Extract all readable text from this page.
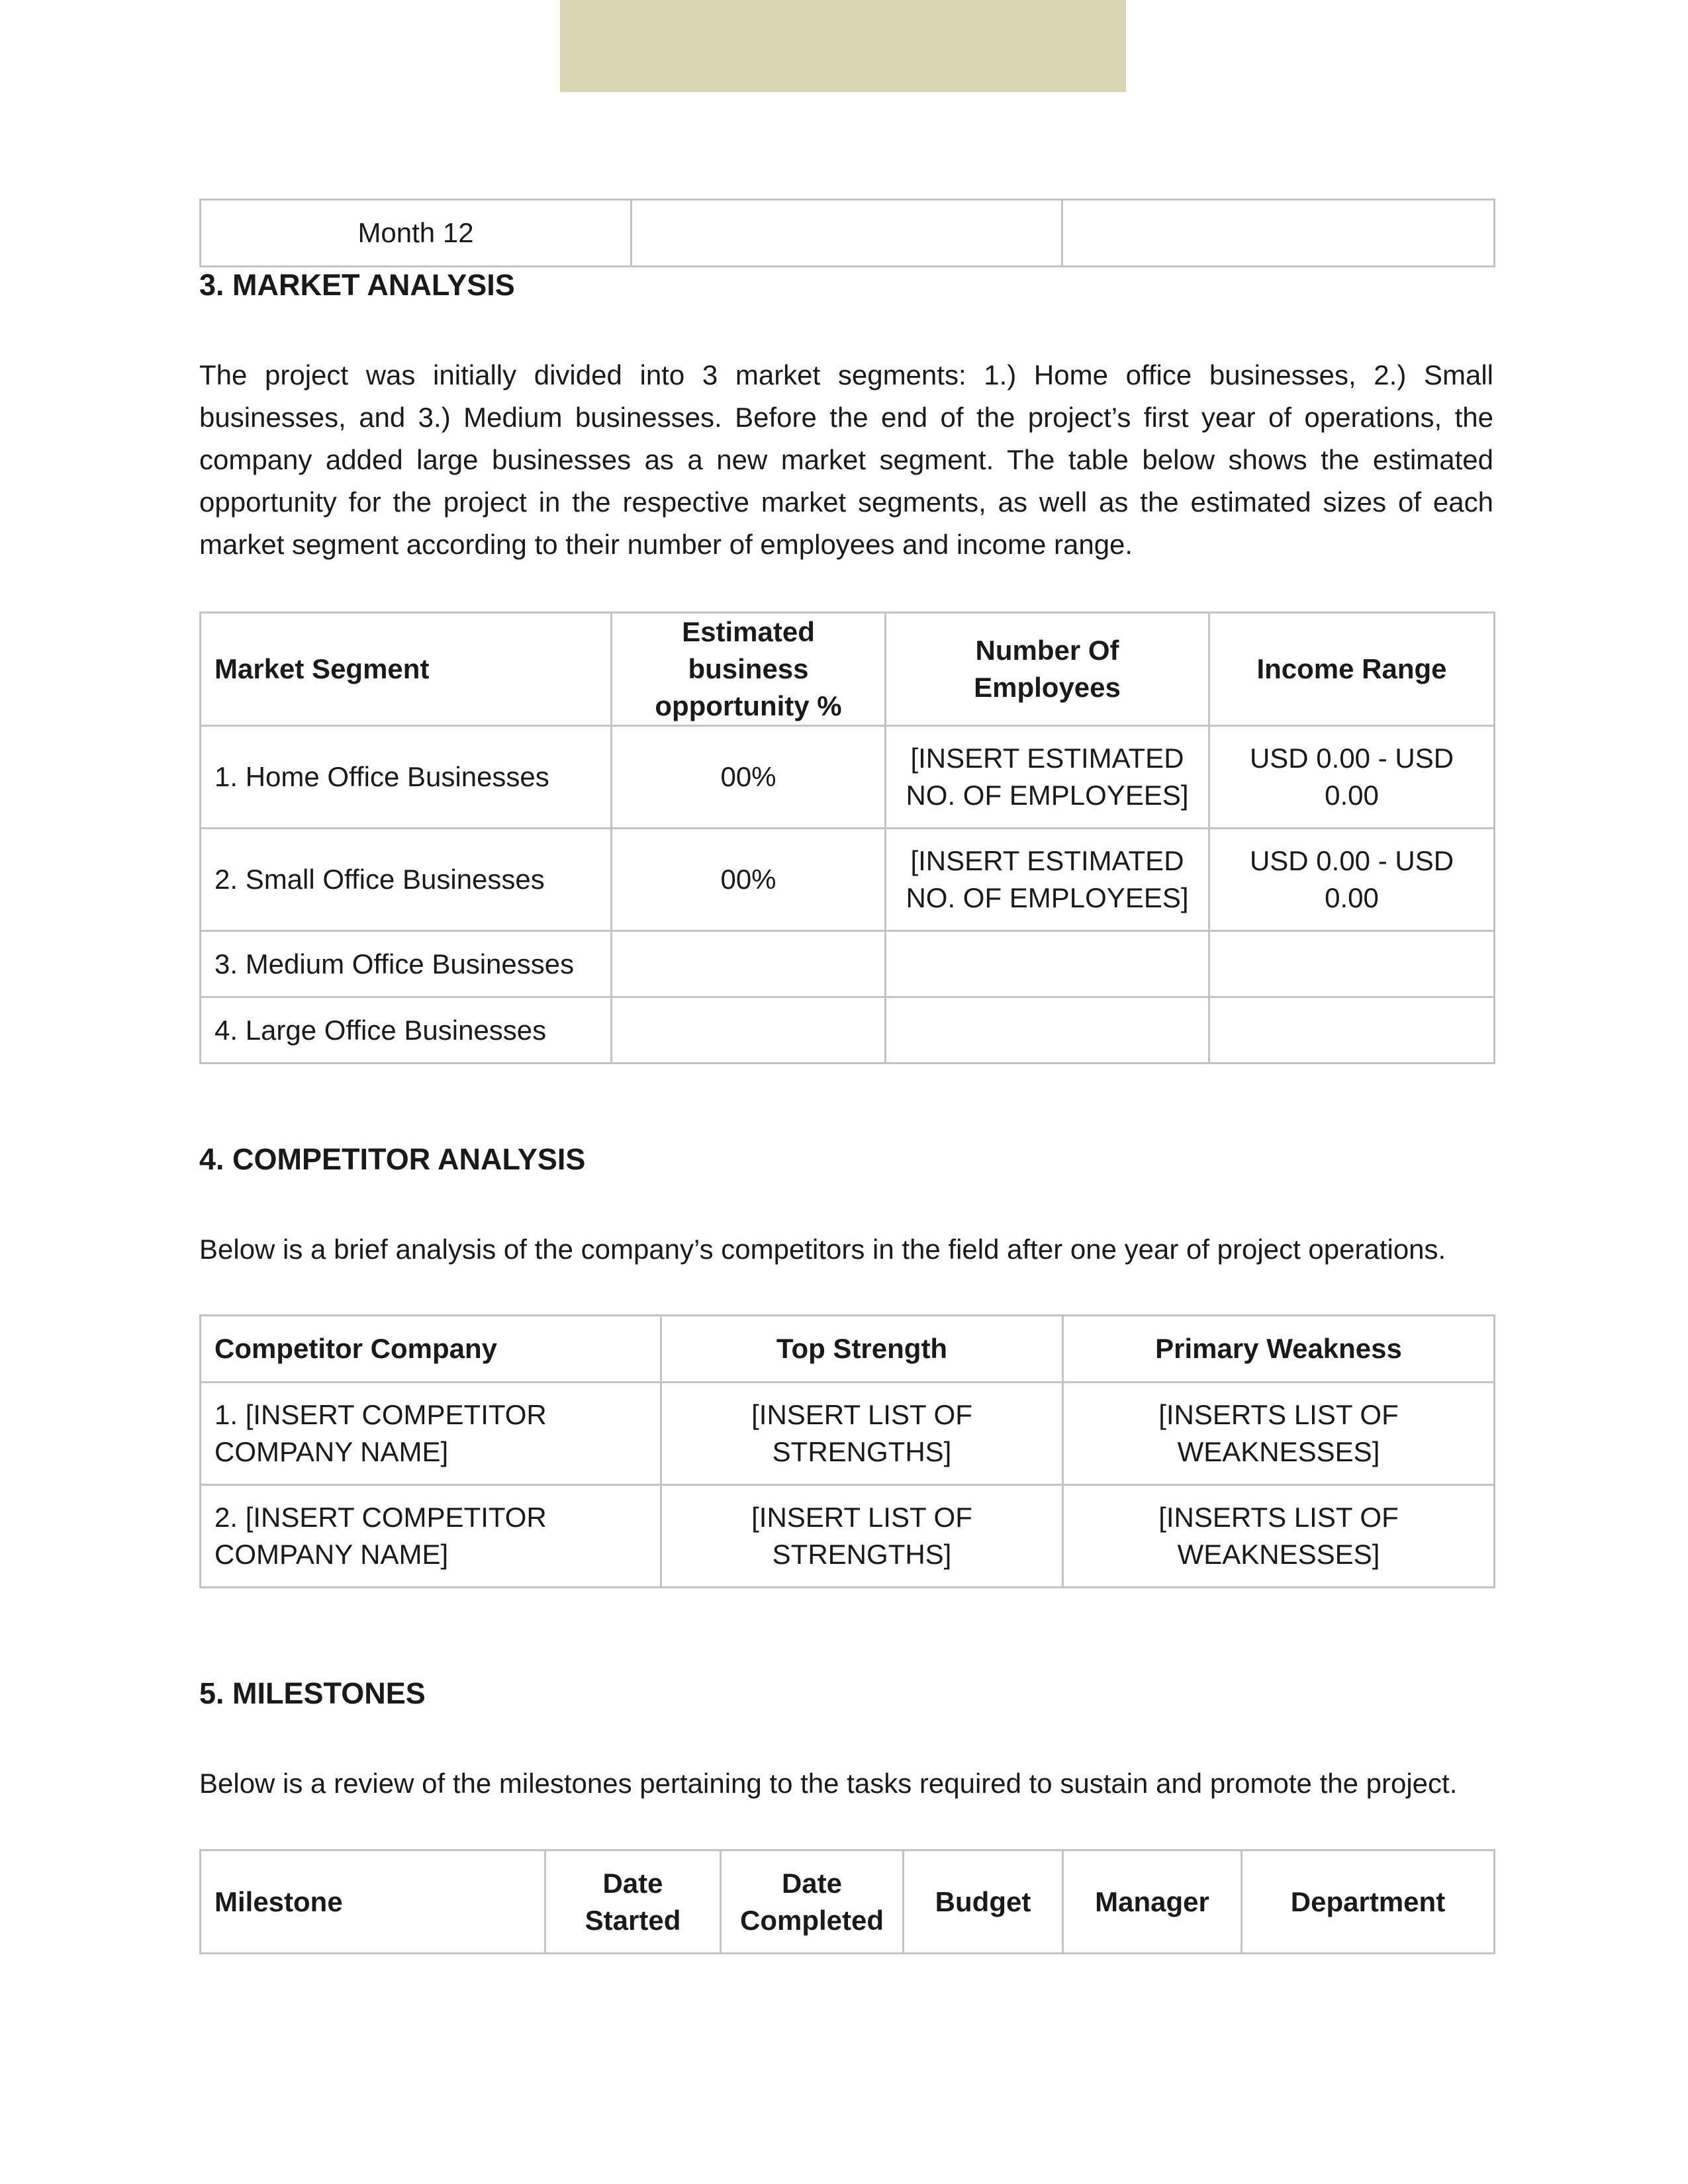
Month 12		
3. MARKET ANALYSIS

The project was initially divided into 3 market segments: 1.) Home office businesses, 2.) Small businesses, and 3.) Medium businesses. Before the end of the project’s first year of operations, the company added large businesses as a new market segment. The table below shows the estimated opportunity for the project in the respective market segments, as well as the estimated sizes of each market segment according to their number of employees and income range.

Market Segment	Estimated business opportunity %	Number Of Employees	Income Range
1. Home Office Businesses	00%	[INSERT ESTIMATED NO. OF EMPLOYEES]	USD 0.00 - USD 0.00
2. Small Office Businesses	00%	[INSERT ESTIMATED NO. OF EMPLOYEES]	USD 0.00 - USD 0.00
3. Medium Office Businesses			
4. Large Office Businesses			
4. COMPETITOR ANALYSIS

Below is a brief analysis of the company’s competitors in the field after one year of project operations.

Competitor Company	Top Strength	Primary Weakness
1. [INSERT COMPETITOR COMPANY NAME]	[INSERT LIST OF STRENGTHS]	[INSERTS LIST OF WEAKNESSES]
2. [INSERT COMPETITOR COMPANY NAME]	[INSERT LIST OF STRENGTHS]	[INSERTS LIST OF WEAKNESSES]
5. MILESTONES

Below is a review of the milestones pertaining to the tasks required to sustain and promote the project.

Milestone	Date Started	Date Completed	Budget	Manager	Department
